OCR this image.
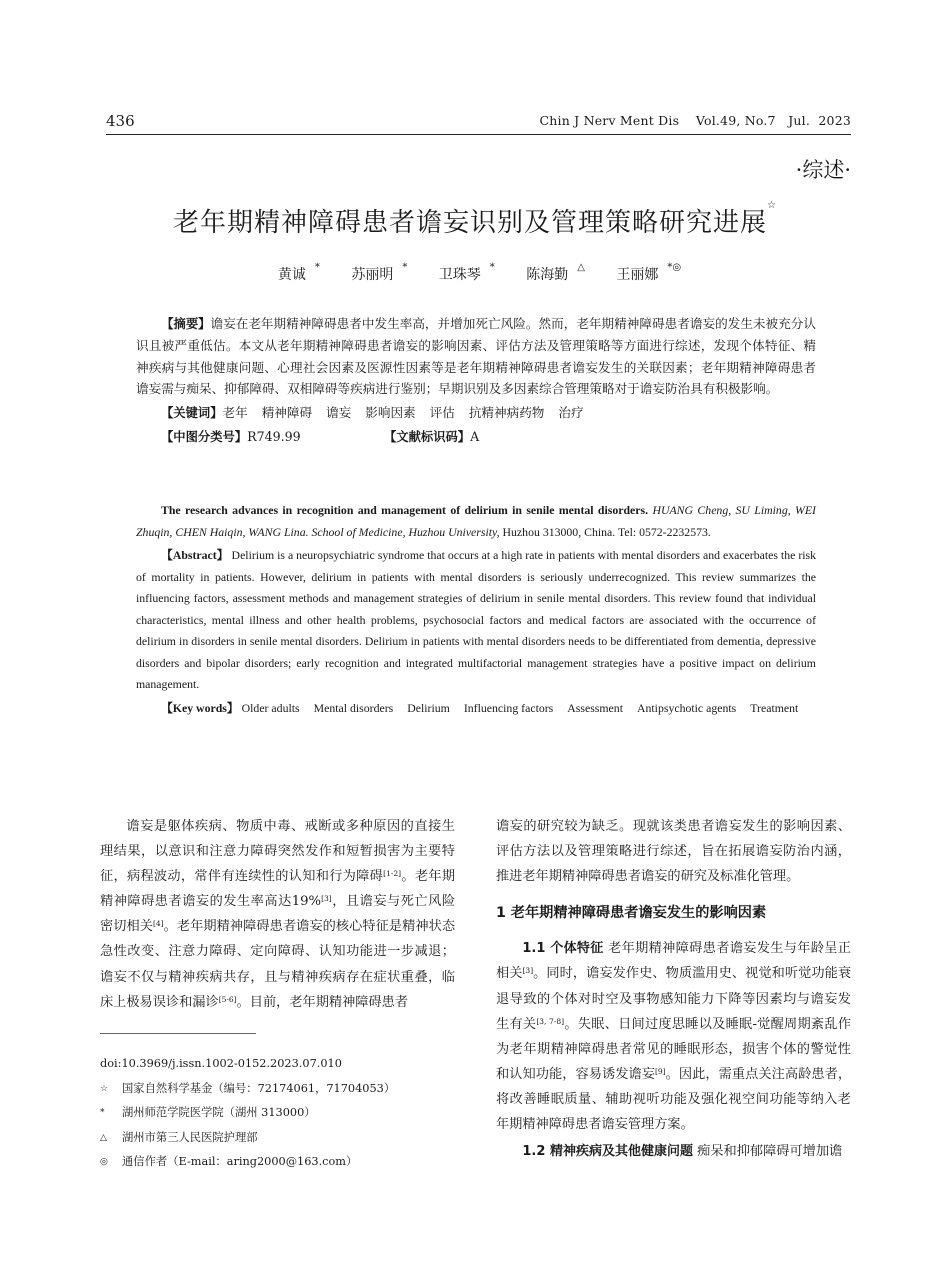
436	Chin J Nerv Ment Dis    Vol.49, No.7   Jul.  2023
·综述·
老年期精神障碍患者谵妄识别及管理策略研究进展☆
黄诚 * 苏丽明 * 卫珠琴 * 陈海勤 △ 王丽娜 *◎

【摘要】谵妄在老年期精神障碍患者中发生率高，并增加死亡风险。然而，老年期精神障碍患者谵妄的发生未被充分认识且被严重低估。本文从老年期精神障碍患者谵妄的影响因素、评估方法及管理策略等方面进行综述，发现个体特征、精神疾病与其他健康问题、心理社会因素及医源性因素等是老年期精神障碍患者谵妄发生的关联因素；老年期精神障碍患者谵妄需与痴呆、抑郁障碍、双相障碍等疾病进行鉴别；早期识别及多因素综合管理策略对于谵妄防治具有积极影响。

【关键词】老年 精神障碍 谵妄 影响因素 评估 抗精神病药物 治疗

【中图分类号】R749.99	【文献标识码】A

The research advances in recognition and management of delirium in senile mental disorders. HUANG Cheng, SU Liming, WEI Zhuqin, CHEN Haiqin, WANG Lina. School of Medicine, Huzhou University, Huzhou 313000, China. Tel: 0572-2232573.

【Abstract】 Delirium is a neuropsychiatric syndrome that occurs at a high rate in patients with mental disorders and exacerbates the risk of mortality in patients. However, delirium in patients with mental disorders is seriously underrecognized. This review summarizes the influencing factors, assessment methods and management strategies of delirium in senile mental disorders. This review found that individual characteristics, mental illness and other health problems, psychosocial factors and medical factors are associated with the occurrence of delirium in disorders in senile mental disorders. Delirium in patients with mental disorders needs to be differentiated from dementia, depressive disorders and bipolar disorders; early recognition and integrated multifactorial management strategies have a positive impact on delirium management.

【Key words】 Older adults Mental disorders Delirium Influencing factors Assessment Antipsychotic agents Treatment

谵妄是躯体疾病、物质中毒、戒断或多种原因的直接生理结果，以意识和注意力障碍突然发作和短暂损害为主要特征，病程波动，常伴有连续性的认知和行为障碍[1-2]。老年期精神障碍患者谵妄的发生率高达19%[3]，且谵妄与死亡风险密切相关[4]。老年期精神障碍患者谵妄的核心特征是精神状态急性改变、注意力障碍、定向障碍、认知功能进一步减退；谵妄不仅与精神疾病共存，且与精神疾病存在症状重叠，临床上极易误诊和漏诊[5-6]。目前，老年期精神障碍患者

doi:10.3969/j.issn.1002-0152.2023.07.010
☆ 国家自然科学基金（编号：72174061，71704053）
* 湖州师范学院医学院（湖州 313000）
△ 湖州市第三人民医院护理部
◎ 通信作者（E-mail：aring2000@163.com）

谵妄的研究较为缺乏。现就该类患者谵妄发生的影响因素、评估方法以及管理策略进行综述，旨在拓展谵妄防治内涵，推进老年期精神障碍患者谵妄的研究及标准化管理。

1 老年期精神障碍患者谵妄发生的影响因素

1.1 个体特征 老年期精神障碍患者谵妄发生与年龄呈正相关[3]。同时，谵妄发作史、物质滥用史、视觉和听觉功能衰退导致的个体对时空及事物感知能力下降等因素均与谵妄发生有关[3, 7-8]。失眠、日间过度思睡以及睡眠-觉醒周期紊乱作为老年期精神障碍患者常见的睡眠形态，损害个体的警觉性和认知功能，容易诱发谵妄[9]。因此，需重点关注高龄患者，将改善睡眠质量、辅助视听功能及强化视空间功能等纳入老年期精神障碍患者谵妄管理方案。

1.2 精神疾病及其他健康问题 痴呆和抑郁障碍可增加谵
